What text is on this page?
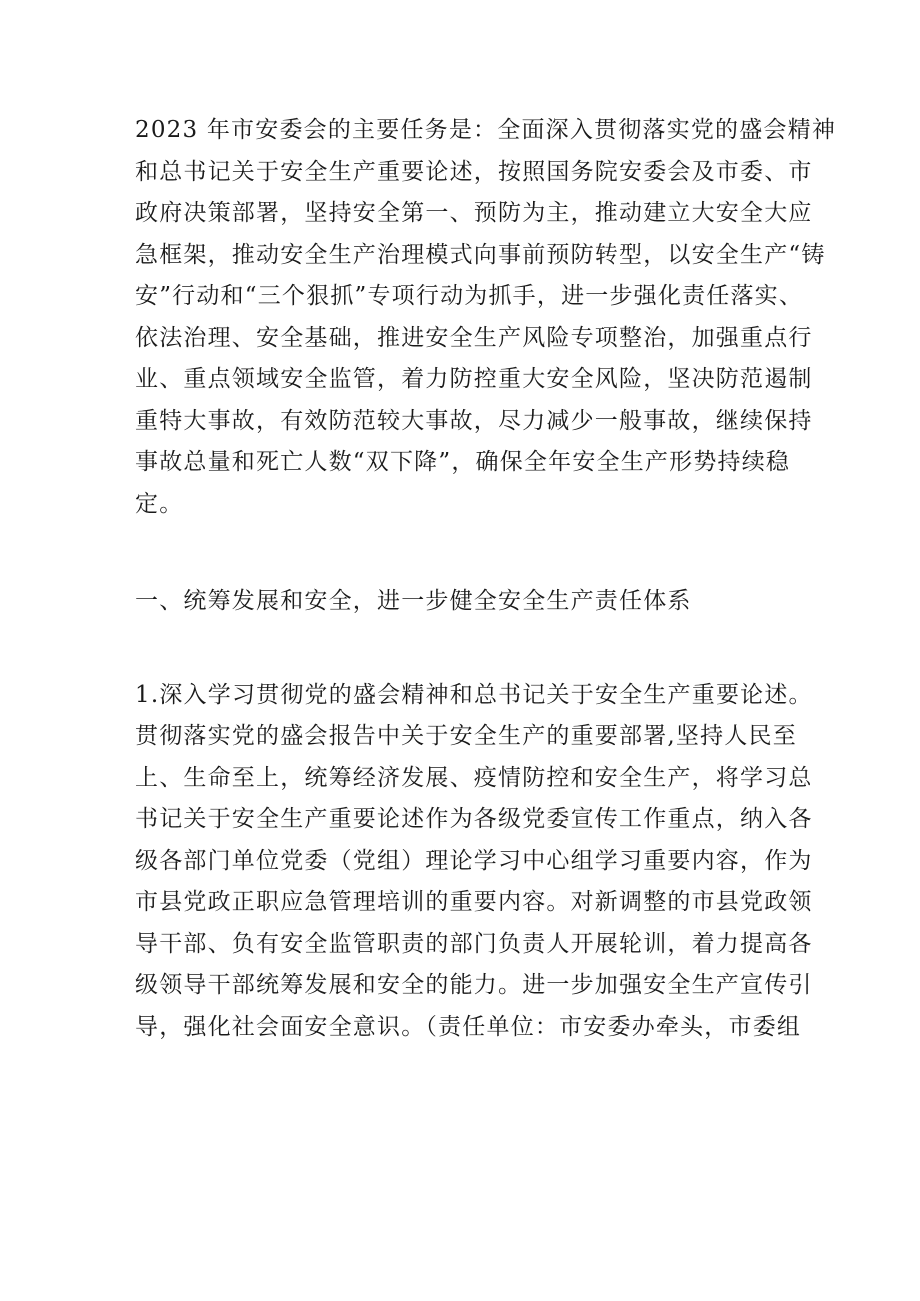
2023 年市安委会的主要任务是：全面深入贯彻落实党的盛会精神
和总书记关于安全生产重要论述，按照国务院安委会及市委、市
政府决策部署，坚持安全第一、预防为主，推动建立大安全大应
急框架，推动安全生产治理模式向事前预防转型，以安全生产“铸
安”行动和“三个狠抓”专项行动为抓手，进一步强化责任落实、
依法治理、安全基础，推进安全生产风险专项整治，加强重点行
业、重点领域安全监管，着力防控重大安全风险，坚决防范遏制
重特大事故，有效防范较大事故，尽力减少一般事故，继续保持
事故总量和死亡人数“双下降”，确保全年安全生产形势持续稳
定。

一、统筹发展和安全，进一步健全安全生产责任体系

1.深入学习贯彻党的盛会精神和总书记关于安全生产重要论述。
贯彻落实党的盛会报告中关于安全生产的重要部署,坚持人民至
上、生命至上，统筹经济发展、疫情防控和安全生产，将学习总
书记关于安全生产重要论述作为各级党委宣传工作重点，纳入各
级各部门单位党委（党组）理论学习中心组学习重要内容，作为
市县党政正职应急管理培训的重要内容。对新调整的市县党政领
导干部、负有安全监管职责的部门负责人开展轮训，着力提高各
级领导干部统筹发展和安全的能力。进一步加强安全生产宣传引
导，强化社会面安全意识。（责任单位：市安委办牵头，市委组
